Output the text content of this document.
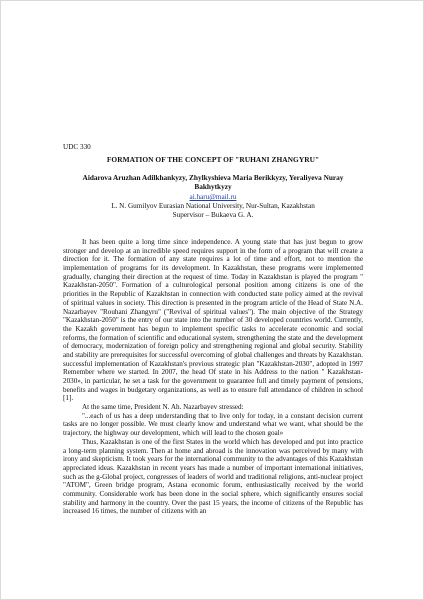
UDC 330
FORMATION OF THE CONCEPT OF "RUHANI ZHANGYRU"
Aidarova Aruzhan Adilkhankyzy, Zhylkyshieva Maria Berikkyzy, Yeraliyeva Nuray
Bakhytkyzy
ai.haru@mail.ru
L. N. Gumilyov Eurasian National University, Nur-Sultan, Kazakhstan
Supervisor – Bukaeva G. A.

It has been quite a long time since independence. A young state that has just begun to grow stronger and develop at an incredible speed requires support in the form of a program that will create a direction for it. The formation of any state requires a lot of time and effort, not to mention the implementation of programs for its development. In Kazakhstan, these programs were implemented gradually, changing their direction at the request of time. Today in Kazakhstan is played the program " Kazakhstan-2050". Formation of a culturological personal position among citizens is one of the priorities in the Republic of Kazakhstan in connection with conducted state policy aimed at the revival of spiritual values in society. This direction is presented in the program article of the Head of State N.A. Nazarbayev "Rouhani Zhangyru" ("Revival of spiritual values"). The main objective of the Strategy "Kazakhstan-2050" is the entry of our state into the number of 30 developed countries world. Currently, the Kazakh government has begun to implement specific tasks to accelerate economic and social reforms, the formation of scientific and educational system, strengthening the state and the development of democracy, modernization of foreign policy and strengthening regional and global security. Stability and stability are prerequisites for successful overcoming of global challenges and threats by Kazakhstan. successful implementation of Kazakhstan's previous strategic plan "Kazakhstan-2030", adopted in 1997 Remember where we started. In 2007, the head Of state in his Address to the nation " Kazakhstan-2030», in particular, he set a task for the government to guarantee full and timely payment of pensions, benefits and wages in budgetary organizations, as well as to ensure full attendance of children in school [1].

At the same time, President N. Ah. Nazarbayev stressed:

"...each of us has a deep understanding that to live only for today, in a constant decision current tasks are no longer possible. We must clearly know and understand what we want, what should be the trajectory, the highway our development, which will lead to the chosen goal»

Thus, Kazakhstan is one of the first States in the world which has developed and put into practice a long-term planning system. Then at home and abroad is the innovation was perceived by many with irony and skepticism. It took years for the international community to the advantages of this Kazakhstan appreciated ideas. Kazakhstan in recent years has made a number of important international initiatives, such as the g-Global project, congresses of leaders of world and traditional religions, anti-nuclear project "ATOM", Green bridge program, Astana economic forum, enthusiastically received by the world community. Considerable work has been done in the social sphere, which significantly ensures social stability and harmony in the country. Over the past 15 years, the income of citizens of the Republic has increased 16 times, the number of citizens with an
